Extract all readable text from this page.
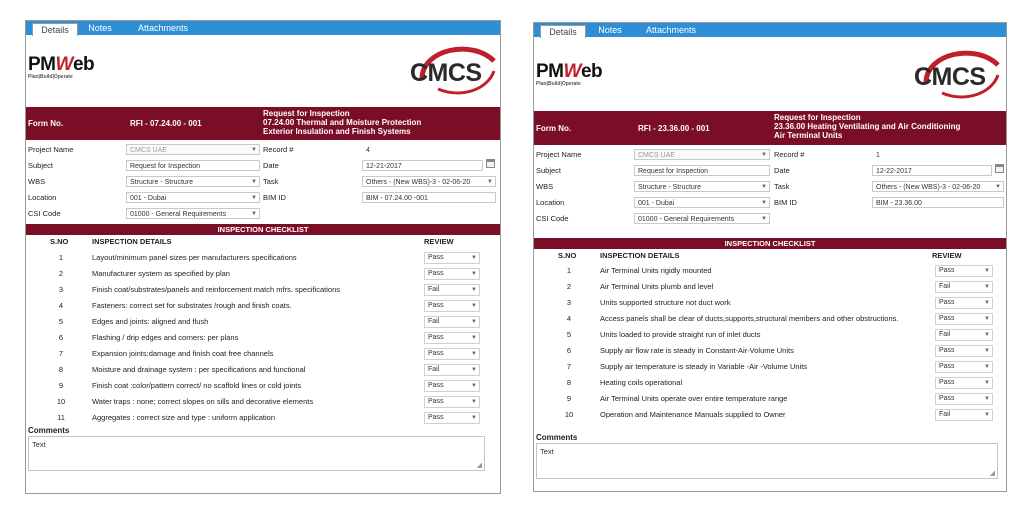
Details	Notes	Attachments
PMWeb
Plan|Build|Operate	CMCS
Form No.	RFI - 07.24.00 - 001
Request for Inspection
07.24.00 Thermal and Moisture Protection
Exterior Insulation and Finish Systems
Project Name	CMCS UAE	▼ Record #	4
Subject	Request for Inspection	Date	12-21-2017
WBS	Structure - Structure	▼ Task	Others - (New WBS)-3 - 02-06-20	▼
Location	001 - Dubai	▼ BIM ID	BIM - 07.24.00 -001
CSI Code	01000 - General Requirements	▼
INSPECTION CHECKLIST
S.NO	INSPECTION DETAILS	REVIEW
1	Layout/minimum panel sizes per manufacturers specifications	Pass	▼
2	Manufacturer system as specified by plan	Pass	▼
3	Finish coat/substrates/panels and reinforcement match mfrs. specifications	Fail	▼
4	Fasteners: correct set for substrates /rough and finish coats.	Pass	▼
5	Edges and joints: aligned and flush	Fail	▼
6	Flashing / drip edges and corners: per plans	Pass	▼
7	Expansion joints:damage and finish coat free channels	Pass	▼
8	Moisture and drainage system : per specifications and functional	Fail	▼
9	Finish coat :color/pattern correct/ no scaffold lines or cold joints	Pass	▼
10	Water traps : none; correct slopes on sills and decorative elements	Pass	▼
11	Aggregates : correct size and type : uniform application	Pass	▼
Comments
Text
◢
Details	Notes	Attachments
PMWeb
Plan|Build|Operate	CMCS
Form No.	RFI - 23.36.00 - 001
Request for Inspection
23.36.00 Heating Ventilating and Air Conditioning
Air Terminal Units
Project Name	CMCS UAE	▼ Record #	1
Subject	Request for Inspection	Date	12-22-2017
WBS	Structure - Structure	▼ Task	Others - (New WBS)-3 - 02-06-20 ▼
Location	001 - Dubai	▼ BIM ID	BIM - 23.36.00
CSI Code	01000 - General Requirements	▼
INSPECTION CHECKLIST
S.NO	INSPECTION DETAILS	REVIEW
1	Air Terminal Units rigidly mounted	Pass	▼
2	Air Terminal Units plumb and level	Fail	▼
3	Units supported structure not duct work	Pass	▼
4	Access panels shall be clear of ducts,supports,structural members and other obstructions.	Pass	▼
5	Units loaded to provide straight run of inlet ducts	Fail	▼
6	Supply air flow rate is steady in Constant-Air-Volume Units	Pass	▼
7	Supply air temperature is steady in Variable -Air -Volume Units	Pass	▼
8	Heating coils operational	Pass	▼
9	Air Terminal Units operate over entire temperature range	Pass	▼
10	Operation and Maintenance Manuals supplied to Owner	Fail	▼
Comments
Text
◢
